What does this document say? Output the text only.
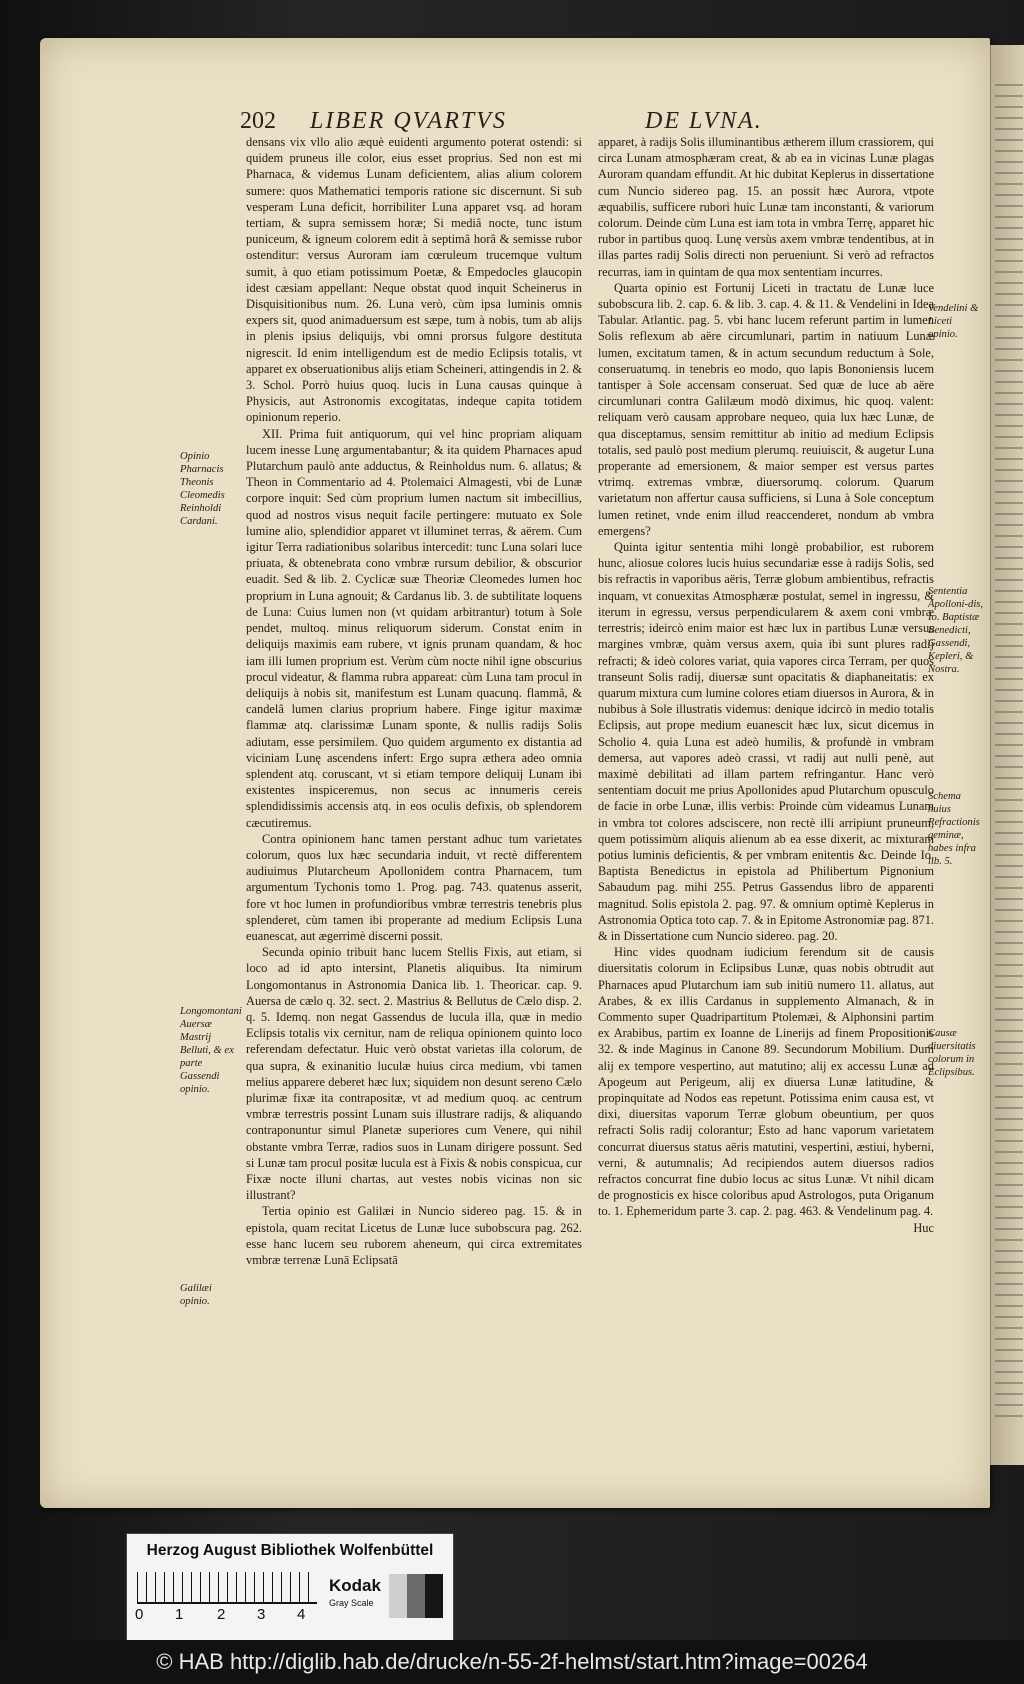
202 LIBER QVARTVS	DE LVNA.

densans vix vllo alio æquè euidenti argumento poterat ostendi: si quidem pruneus ille color, eius esset proprius. Sed non est mi Pharnaca, & videmus Lunam deficientem, alias alium colorem sumere: quos Mathematici temporis ratione sic discernunt. Si sub vesperam Luna deficit, horribiliter Luna apparet vsq. ad horam tertiam, & supra semissem horæ; Si mediâ nocte, tunc istum puniceum, & igneum colorem edit à septimâ horâ & semisse rubor ostenditur: versus Auroram iam cœruleum trucemque vultum sumit, à quo etiam potissimum Poetæ, & Empedocles glaucopin idest cæsiam appellant: Neque obstat quod inquit Scheinerus in Disquisitionibus num. 26. Luna verò, cùm ipsa luminis omnis expers sit, quod animaduersum est sæpe, tum à nobis, tum ab alijs in plenis ipsius deliquijs, vbi omni prorsus fulgore destituta nigrescit. Id enim intelligendum est de medio Eclipsis totalis, vt apparet ex obseruationibus alijs etiam Scheineri, attingendis in 2. & 3. Schol. Porrò huius quoq. lucis in Luna causas quinque à Physicis, aut Astronomis excogitatas, indeque capita totidem opinionum reperio.

XII. Prima fuit antiquorum, qui vel hinc propriam aliquam lucem inesse Lunę argumentabantur; & ita quidem Pharnaces apud Plutarchum paulò ante adductus, & Reinholdus num. 6. allatus; & Theon in Commentario ad 4. Ptolemaici Almagesti, vbi de Lunæ corpore inquit: Sed cùm proprium lumen nactum sit imbecillius, quod ad nostros visus nequit facile pertingere: mutuato ex Sole lumine alio, splendidior apparet vt illuminet terras, & aërem. Cum igitur Terra radiationibus solaribus intercedit: tunc Luna solari luce priuata, & obtenebrata cono vmbræ rursum debilior, & obscurior euadit. Sed & lib. 2. Cyclicæ suæ Theoriæ Cleomedes lumen hoc proprium in Luna agnouit; & Cardanus lib. 3. de subtilitate loquens de Luna: Cuius lumen non (vt quidam arbitrantur) totum à Sole pendet, multoq. minus reliquorum siderum. Constat enim in deliquijs maximis eam rubere, vt ignis prunam quandam, & hoc iam illi lumen proprium est. Verùm cùm nocte nihil igne obscurius procul videatur, & flamma rubra appareat: cùm Luna tam procul in deliquijs à nobis sit, manifestum est Lunam quacunq. flammâ, & candelâ lumen clarius proprium habere. Finge igitur maximæ flammæ atq. clarissimæ Lunam sponte, & nullis radijs Solis adiutam, esse persimilem. Quo quidem argumento ex distantia ad viciniam Lunę ascendens infert: Ergo supra æthera adeo omnia splendent atq. coruscant, vt si etiam tempore deliquij Lunam ibi existentes inspiceremus, non secus ac innumeris cereis splendidissimis accensis atq. in eos oculis defixis, ob splendorem cæcutiremus.

Contra opinionem hanc tamen perstant adhuc tum varietates colorum, quos lux hæc secundaria induit, vt rectè differentem audiuimus Plutarcheum Apollonidem contra Pharnacem, tum argumentum Tychonis tomo 1. Prog. pag. 743. quatenus asserit, fore vt hoc lumen in profundioribus vmbræ terrestris tenebris plus splenderet, cùm tamen ibi properante ad medium Eclipsis Luna euanescat, aut ægerrimè discerni possit.

Secunda opinio tribuit hanc lucem Stellis Fixis, aut etiam, si loco ad id apto intersint, Planetis aliquibus. Ita nimirum Longomontanus in Astronomia Danica lib. 1. Theoricar. cap. 9. Auersa de cælo q. 32. sect. 2. Mastrius & Bellutus de Cælo disp. 2. q. 5. Idemq. non negat Gassendus de lucula illa, quæ in medio Eclipsis totalis vix cernitur, nam de reliqua opinionem quinto loco referendam defectatur. Huic verò obstat varietas illa colorum, de qua supra, & exinanitio luculæ huius circa medium, vbi tamen melius apparere deberet hæc lux; siquidem non desunt sereno Cælo plurimæ fixæ ita contrapositæ, vt ad medium quoq. ac centrum vmbræ terrestris possint Lunam suis illustrare radijs, & aliquando contraponuntur simul Planetæ superiores cum Venere, qui nihil obstante vmbra Terræ, radios suos in Lunam dirigere possunt. Sed si Lunæ tam procul positæ lucula est à Fixis & nobis conspicua, cur Fixæ nocte illuni chartas, aut vestes nobis vicinas non sic illustrant?

Tertia opinio est Galilæi in Nuncio sidereo pag. 15. & in epistola, quam recitat Licetus de Lunæ luce subobscura pag. 262. esse hanc lucem seu ruborem aheneum, qui circa extremitates vmbræ terrenæ Lunā Eclipsatā

apparet, à radijs Solis illuminantibus ætherem illum crassiorem, qui circa Lunam atmosphæram creat, & ab ea in vicinas Lunæ plagas Auroram quandam effundit. At hic dubitat Keplerus in dissertatione cum Nuncio sidereo pag. 15. an possit hæc Aurora, vtpote æquabilis, sufficere rubori huic Lunæ tam inconstanti, & variorum colorum. Deinde cùm Luna est iam tota in vmbra Terrę, apparet hic rubor in partibus quoq. Lunę versùs axem vmbræ tendentibus, at in illas partes radij Solis directi non perueniunt. Si verò ad refractos recurras, iam in quintam de qua mox sententiam incurres.

Quarta opinio est Fortunij Liceti in tractatu de Lunæ luce subobscura lib. 2. cap. 6. & lib. 3. cap. 4. & 11. & Vendelini in Idea Tabular. Atlantic. pag. 5. vbi hanc lucem referunt partim in lumen Solis reflexum ab aëre circumlunari, partim in natiuum Lunæ lumen, excitatum tamen, & in actum secundum reductum à Sole, conseruatumq. in tenebris eo modo, quo lapis Bononiensis lucem tantisper à Sole accensam conseruat. Sed quæ de luce ab aëre circumlunari contra Galilæum modò diximus, hic quoq. valent: reliquam verò causam approbare nequeo, quia lux hæc Lunæ, de qua disceptamus, sensim remittitur ab initio ad medium Eclipsis totalis, sed paulò post medium plerumq. reuiuiscit, & augetur Luna properante ad emersionem, & maior semper est versus partes vtrimq. extremas vmbræ, diuersorumq. colorum. Quarum varietatum non affertur causa sufficiens, si Luna à Sole conceptum lumen retinet, vnde enim illud reaccenderet, nondum ab vmbra emergens?

Quinta igitur sententia mihi longè probabilior, est ruborem hunc, aliosue colores lucis huius secundariæ esse à radijs Solis, sed bis refractis in vaporibus aëris, Terræ globum ambientibus, refractis inquam, vt conuexitas Atmosphæræ postulat, semel in ingressu, & iterum in egressu, versus perpendicularem & axem coni vmbræ terrestris; ideircò enim maior est hæc lux in partibus Lunæ versus margines vmbræ, quàm versus axem, quia ibi sunt plures radij refracti; & ideò colores variat, quia vapores circa Terram, per quos transeunt Solis radij, diuersæ sunt opacitatis & diaphaneitatis: ex quarum mixtura cum lumine colores etiam diuersos in Aurora, & in nubibus à Sole illustratis videmus: denique idcircò in medio totalis Eclipsis, aut prope medium euanescit hæc lux, sicut dicemus in Scholio 4. quia Luna est adeò humilis, & profundè in vmbram demersa, aut vapores adeò crassi, vt radij aut nulli penè, aut maximè debilitati ad illam partem refringantur. Hanc verò sententiam docuit me prius Apollonides apud Plutarchum opusculo de facie in orbe Lunæ, illis verbis: Proinde cùm videamus Lunam in vmbra tot colores adsciscere, non rectè illi arripiunt pruneum, quem potissimùm aliquis alienum ab ea esse dixerit, ac mixturam potius luminis deficientis, & per vmbram enitentis &c. Deinde Io. Baptista Benedictus in epistola ad Philibertum Pignonium Sabaudum pag. mihi 255. Petrus Gassendus libro de apparenti magnitud. Solis epistola 2. pag. 97. & omnium optimè Keplerus in Astronomia Optica toto cap. 7. & in Epitome Astronomiæ pag. 871. & in Dissertatione cum Nuncio sidereo. pag. 20.

Hinc vides quodnam iudicium ferendum sit de causis diuersitatis colorum in Eclipsibus Lunæ, quas nobis obtrudit aut Pharnaces apud Plutarchum iam sub initiū numero 11. allatus, aut Arabes, & ex illis Cardanus in supplemento Almanach, & in Commento super Quadripartitum Ptolemæi, & Alphonsini partim ex Arabibus, partim ex Ioanne de Linerijs ad finem Propositionis 32. & inde Maginus in Canone 89. Secundorum Mobilium. Dum alij ex tempore vespertino, aut matutino; alij ex accessu Lunæ ad Apogeum aut Perigeum, alij ex diuersa Lunæ latitudine, & propinquitate ad Nodos eas repetunt. Potissima enim causa est, vt dixi, diuersitas vaporum Terræ globum obeuntium, per quos refracti Solis radij colorantur; Esto ad hanc vaporum varietatem concurrat diuersus status aëris matutini, vespertini, æstiui, hyberni, verni, & autumnalis; Ad recipiendos autem diuersos radios refractos concurrat fine dubio locus ac situs Lunæ. Vt nihil dicam de prognosticis ex hisce coloribus apud Astrologos, puta Origanum to. 1. Ephemeridum parte 3. cap. 2. pag. 463. & Vendelinum pag. 4.

Huc

Opinio Pharnacis Theonis Cleomedis Reinholdi Cardani.
Longomontani Auersæ Mastrij Belluti, & ex parte Gassendi opinio.
Galilæi opinio.
Vendelini & Liceti opinio.
Sententia Apolloni-dis, Io. Baptistæ Benedicti, Gassendi, Kepleri, & Nostra.
Schema huius Refractionis geminæ, habes infra lib. 5.
Causæ diuersitatis colorum in Eclipsibus.
Herzog August Bibliothek Wolfenbüttel
0 1 2 3 4
Kodak
Gray Scale
© HAB http://diglib.hab.de/drucke/n-55-2f-helmst/start.htm?image=00264
